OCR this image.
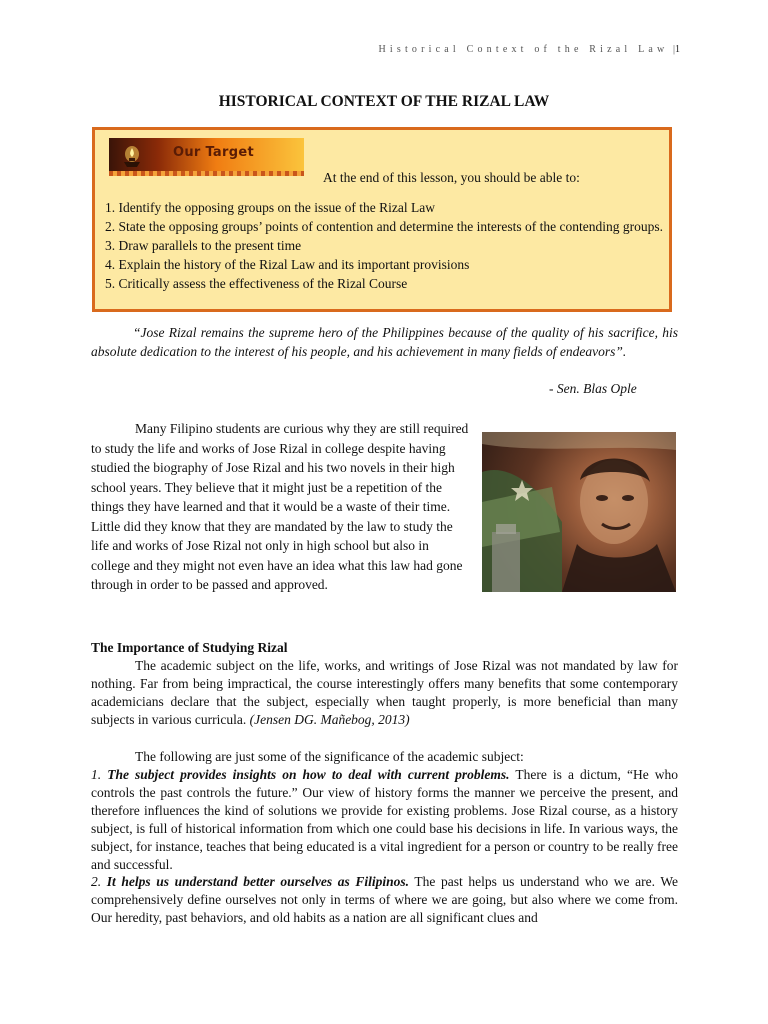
Historical Context of the Rizal Law |1
HISTORICAL CONTEXT OF THE RIZAL LAW
Our Target
At the end of this lesson, you should be able to:
1. Identify the opposing groups on the issue of the Rizal Law
2. State the opposing groups’ points of contention and determine the interests of the contending groups.
3. Draw parallels to the present time
4. Explain the history of the Rizal Law and its important provisions
5. Critically assess the effectiveness of the Rizal Course

“Jose Rizal remains the supreme hero of the Philippines because of the quality of his sacrifice, his absolute dedication to the interest of his people, and his achievement in many fields of endeavors”.

- Sen. Blas Ople

Many Filipino students are curious why they are still required to study the life and works of Jose Rizal in college despite having studied the biography of Jose Rizal and his two novels in their high school years. They believe that it might just be a repetition of the things they have learned and that it would be a waste of their time. Little did they know that they are mandated by the law to study the life and works of Jose Rizal not only in high school but also in college and they might not even have an idea what this law had gone through in order to be passed and approved.

The Importance of Studying Rizal

The academic subject on the life, works, and writings of Jose Rizal was not mandated by law for nothing. Far from being impractical, the course interestingly offers many benefits that some contemporary academicians declare that the subject, especially when taught properly, is more beneficial than many subjects in various curricula. (Jensen DG. Mañebog, 2013)

The following are just some of the significance of the academic subject:

1. The subject provides insights on how to deal with current problems. There is a dictum, “He who controls the past controls the future.” Our view of history forms the manner we perceive the present, and therefore influences the kind of solutions we provide for existing problems. Jose Rizal course, as a history subject, is full of historical information from which one could base his decisions in life. In various ways, the subject, for instance, teaches that being educated is a vital ingredient for a person or country to be really free and successful.

2. It helps us understand better ourselves as Filipinos. The past helps us understand who we are. We comprehensively define ourselves not only in terms of where we are going, but also where we come from. Our heredity, past behaviors, and old habits as a nation are all significant clues and
